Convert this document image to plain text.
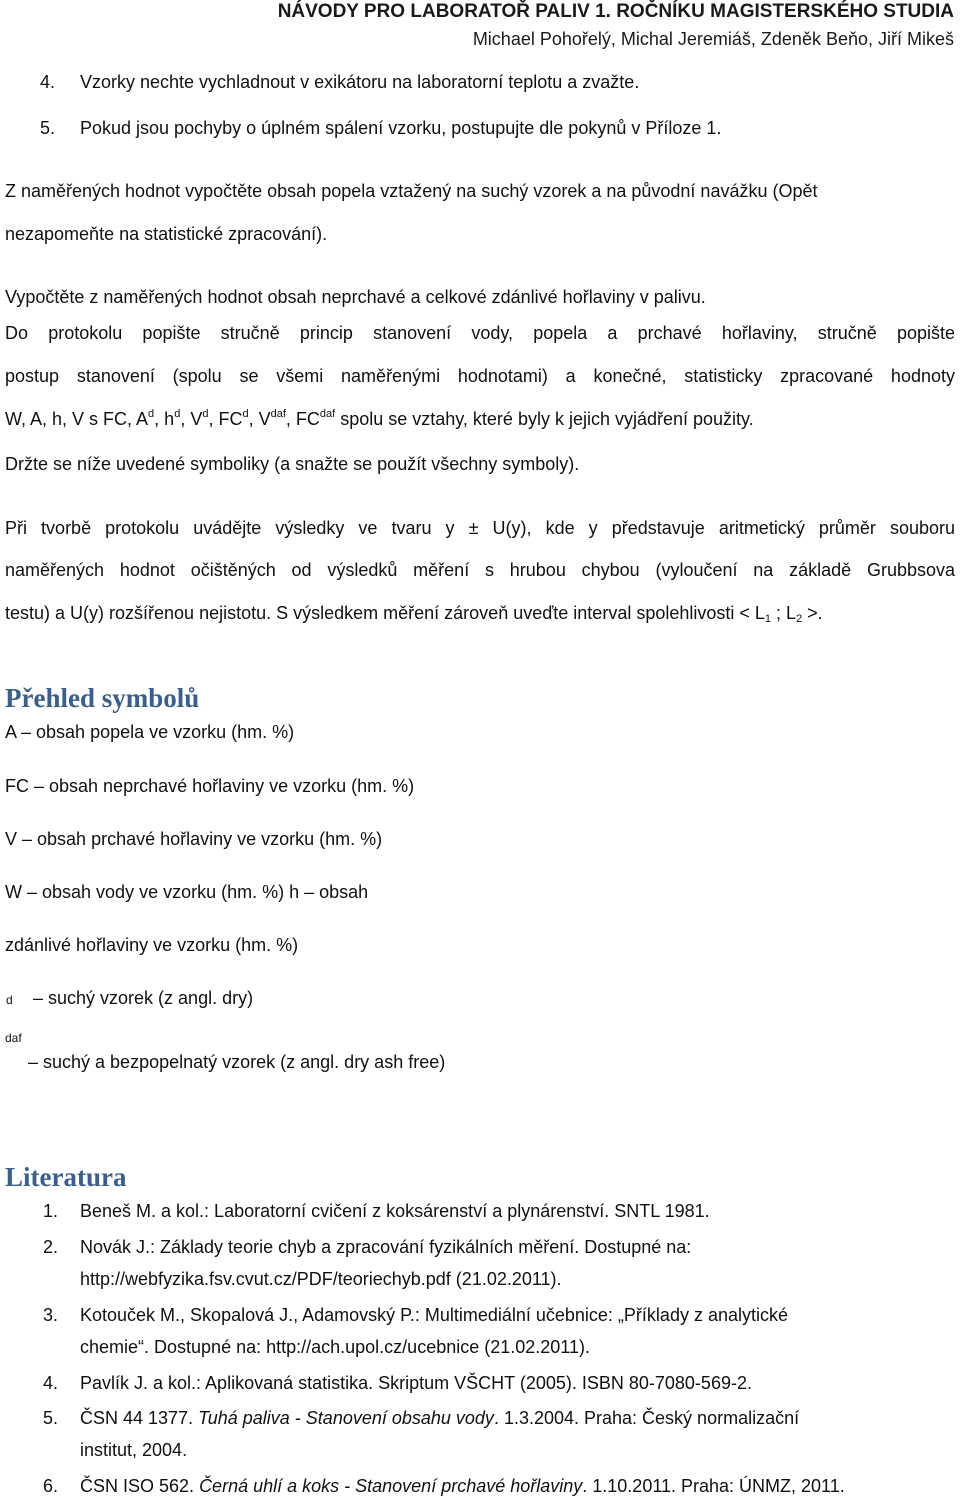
NÁVODY PRO LABORATOŘ PALIV 1. ROČNÍKU MAGISTERSKÉHO STUDIA
Michael Pohořelý, Michal Jeremiáš, Zdeněk Beňo, Jiří Mikeš
4. Vzorky nechte vychladnout v exikátoru na laboratorní teplotu a zvažte.
5. Pokud jsou pochyby o úplném spálení vzorku, postupujte dle pokynů v Příloze 1.
Z naměřených hodnot vypočtěte obsah popela vztažený na suchý vzorek a na původní navážku (Opět
nezapomeňte na statistické zpracování).
Vypočtěte z naměřených hodnot obsah neprchavé a celkové zdánlivé hořlaviny v palivu.
Do protokolu popište stručně princip stanovení vody, popela a prchavé hořlaviny, stručně popište
postup stanovení (spolu se všemi naměřenými hodnotami) a konečné, statisticky zpracované hodnoty
W, A, h, V s FC, $A^d$, $h^d$, $V^d$, $FC^d$, $V^{daf}$, $FC^{daf}$ spolu se vztahy, které byly k jejich vyjádření použity.
Držte se níže uvedené symboliky (a snažte se použít všechny symboly).
Při tvorbě protokolu uvádějte výsledky ve tvaru y ± U(y), kde y představuje aritmetický průměr souboru
naměřených hodnot očištěných od výsledků měření s hrubou chybou (vyloučení na základě Grubbsova
testu) a U(y) rozšířenou nejistotu. S výsledkem měření zároveň uveďte interval spolehlivosti < $L_1$ ; $L_2$ >.
Přehled symbolů
A – obsah popela ve vzorku (hm. %)
FC – obsah neprchavé hořlaviny ve vzorku (hm. %)
V – obsah prchavé hořlaviny ve vzorku (hm. %)
W – obsah vody ve vzorku (hm. %) h – obsah
zdánlivé hořlaviny ve vzorku (hm. %)
d – suchý vzorek (z angl. dry)
daf
– suchý a bezpopelnatý vzorek (z angl. dry ash free)
Literatura
1. Beneš M. a kol.: Laboratorní cvičení z koksárenství a plynárenství. SNTL 1981.
2. Novák J.: Základy teorie chyb a zpracování fyzikálních měření. Dostupné na:
http://webfyzika.fsv.cvut.cz/PDF/teoriechyb.pdf (21.02.2011).
3. Kotouček M., Skopalová J., Adamovský P.: Multimediální učebnice: „Příklady z analytické
chemie“. Dostupné na: http://ach.upol.cz/ucebnice (21.02.2011).
4. Pavlík J. a kol.: Aplikovaná statistika. Skriptum VŠCHT (2005). ISBN 80-7080-569-2.
5. ČSN 44 1377. Tuhá paliva - Stanovení obsahu vody. 1.3.2004. Praha: Český normalizační
institut, 2004.
6. ČSN ISO 562. Černá uhlí a koks - Stanovení prchavé hořlaviny. 1.10.2011. Praha: ÚNMZ, 2011.
